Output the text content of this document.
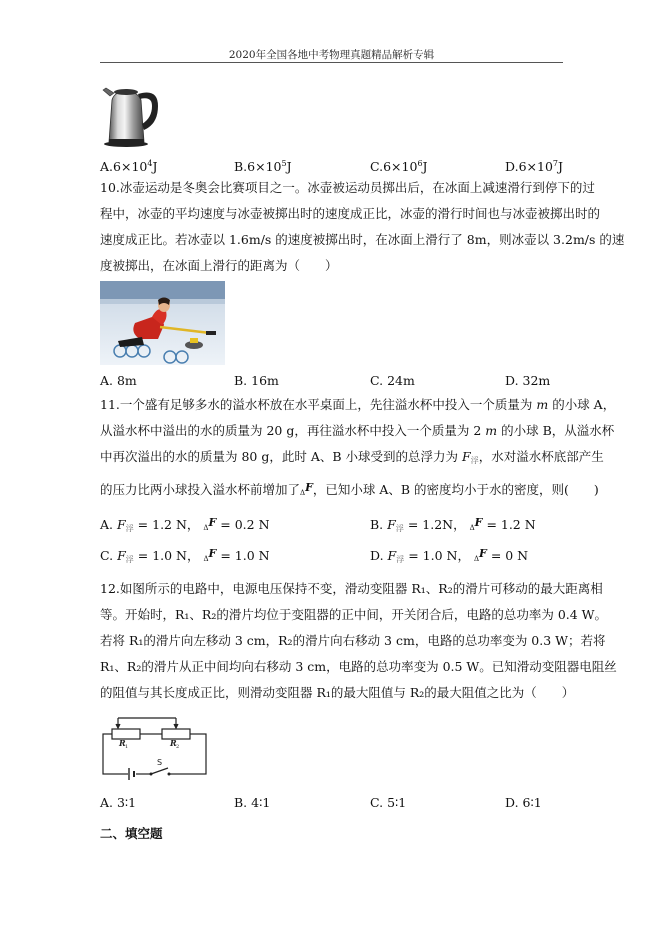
2020年全国各地中考物理真题精品解析专辑
$A.6\times 10^4J$	$B.6\times 10^5J$	$C.6\times 10^6J$	$D.6\times 10^7J$
10.冰壶运动是冬奥会比赛项目之一。冰壶被运动员掷出后，在冰面上减速滑行到停下的过
程中，冰壶的平均速度与冰壶被掷出时的速度成正比，冰壶的滑行时间也与冰壶被掷出时的
速度成正比。若冰壶以 1.6m/s 的速度被掷出时，在冰面上滑行了 8m，则冰壶以 3.2m/s 的速
度被掷出，在冰面上滑行的距离为（　　）
A. 8m	B. 16m	C. 24m	D. 32m
11.一个盛有足够多水的溢水杯放在水平桌面上，先往溢水杯中投入一个质量为 m 的小球 A，
从溢水杯中溢出的水的质量为 20 g，再往溢水杯中投入一个质量为 2 m 的小球 B，从溢水杯
中再次溢出的水的质量为 80 g，此时 A、B 小球受到的总浮力为 $F_浮$，水对溢水杯底部产生
的压力比两小球投入溢水杯前增加了ΔF，已知小球 A、B 的密度均小于水的密度，则(　　)
A. $F_浮 = 1.2$ N， ΔF = 0.2 N	B. $F_浮 = 1.2N$， ΔF = 1.2 N
C. $F_浮 = 1.0$ N， ΔF = 1.0 N	D. $F_浮 = 1.0$ N， ΔF = 0 N
12.如图所示的电路中，电源电压保持不变，滑动变阻器 R₁、R₂的滑片可移动的最大距离相
等。开始时，R₁、R₂的滑片均位于变阻器的正中间，开关闭合后，电路的总功率为 0.4 W。
若将 R₁的滑片向左移动 3 cm，R₂的滑片向右移动 3 cm，电路的总功率变为 0.3 W；若将
R₁、R₂的滑片从正中间均向右移动 3 cm，电路的总功率变为 0.5 W。已知滑动变阻器电阻丝
的阻值与其长度成正比，则滑动变阻器 R₁的最大阻值与 R₂的最大阻值之比为（　　）
R 1	R 2
S
A. 3∶1	B. 4∶1	C. 5∶1	D. 6∶1
二、填空题
